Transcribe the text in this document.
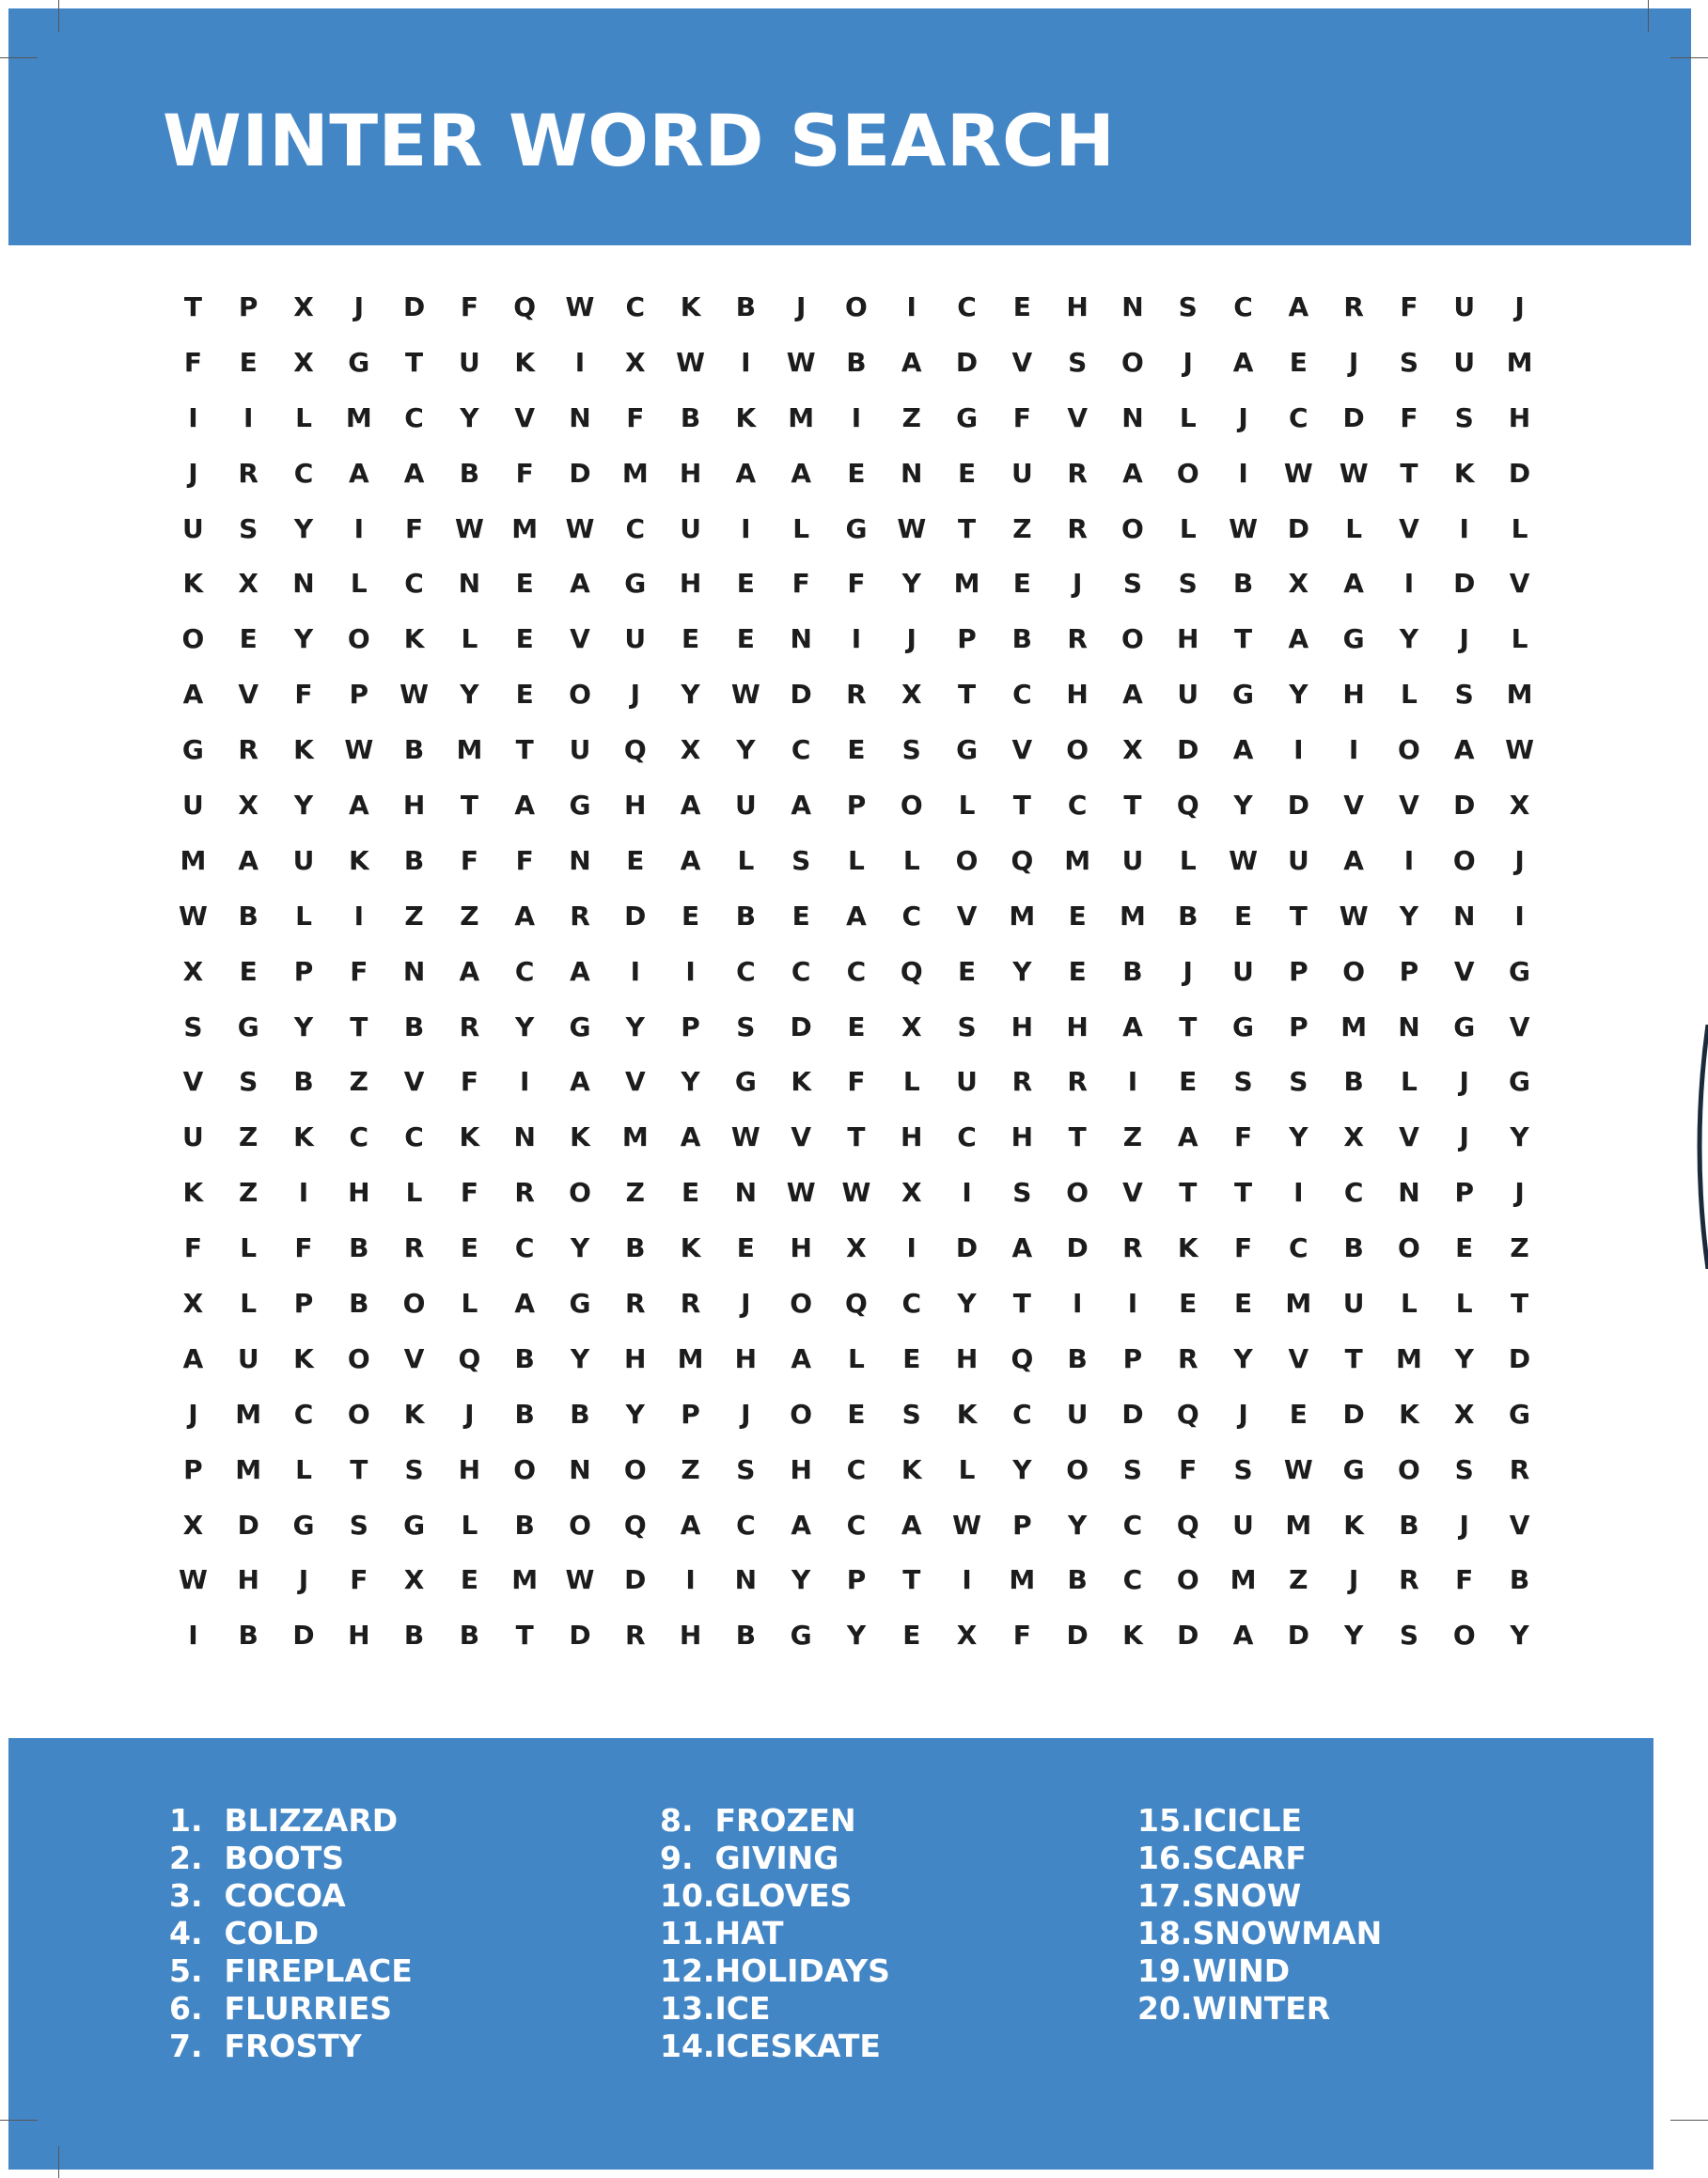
WINTER WORD SEARCH
T	P	X	J	D	F	Q	W	C	K	B	J	O	I	C	E	H	N	S	C	A	R	F	U	J
F	E	X	G	T	U	K	I	X	W	I	W	B	A	D	V	S	O	J	A	E	J	S	U	M
I	I	L	M	C	Y	V	N	F	B	K	M	I	Z	G	F	V	N	L	J	C	D	F	S	H
J	R	C	A	A	B	F	D	M	H	A	A	E	N	E	U	R	A	O	I	W W	T	K	D
U	S	Y	I	F	W	M	W	C	U	I	L	G	W	T	Z	R	O	L	W	D	L	V	I	L
K	X	N	L	C	N	E	A	G	H	E	F	F	Y	M	E	J	S	S	B	X	A	I	D	V
O	E	Y	O	K	L	E	V	U	E	E	N	I	J	P	B	R	O	H	T	A	G	Y	J	L
A	V	F	P	W	Y	E	O	J	Y	W	D	R	X	T	C	H	A	U	G	Y	H	L	S	M
G	R	K	W	B	M	T	U	Q	X	Y	C	E	S	G	V	O	X	D	A	I	I	O	A	W
U	X	Y	A	H	T	A	G	H	A	U	A	P	O	L	T	C	T	Q	Y	D	V	V	D	X
M	A	U	K	B	F	F	N	E	A	L	S	L	L	O	Q	M	U	L	W	U	A	I	O	J
W	B	L	I	Z	Z	A	R	D	E	B	E	A	C	V	M	E	M	B	E	T	W	Y	N	I
X	E	P	F	N	A	C	A	I	I	C	C	C	Q	E	Y	E	B	J	U	P	O	P	V	G
S	G	Y	T	B	R	Y	G	Y	P	S	D	E	X	S	H	H	A	T	G	P	M	N	G	V
V	S	B	Z	V	F	I	A	V	Y	G	K	F	L	U	R	R	I	E	S	S	B	L	J	G
U	Z	K	C	C	K	N	K	M	A	W	V	T	H	C	H	T	Z	A	F	Y	X	V	J	Y
K	Z	I	H	L	F	R	O	Z	E	N	W W	X	I	S	O	V	T	T	I	C	N	P	J
F	L	F	B	R	E	C	Y	B	K	E	H	X	I	D	A	D	R	K	F	C	B	O	E	Z
X	L	P	B	O	L	A	G	R	R	J	O	Q	C	Y	T	I	I	E	E	M	U	L	L	T
A	U	K	O	V	Q	B	Y	H	M	H	A	L	E	H	Q	B	P	R	Y	V	T	M	Y	D
J	M	C	O	K	J	B	B	Y	P	J	O	E	S	K	C	U	D	Q	J	E	D	K	X	G
P	M	L	T	S	H	O	N	O	Z	S	H	C	K	L	Y	O	S	F	S	W	G	O	S	R
X	D	G	S	G	L	B	O	Q	A	C	A	C	A	W	P	Y	C	Q	U	M	K	B	J	V
W	H	J	F	X	E	M	W	D	I	N	Y	P	T	I	M	B	C	O	M	Z	J	R	F	B
I	B	D	H	B	B	T	D	R	H	B	G	Y	E	X	F	D	K	D	A	D	Y	S	O	Y
1.  BLIZZARD
2.  BOOTS
3.  COCOA
4.  COLD
5.  FIREPLACE
6.  FLURRIES
7.  FROSTY
8.  FROZEN
9.  GIVING
10.GLOVES
11.HAT
12.HOLIDAYS
13.ICE
14.ICESKATE
15.ICICLE
16.SCARF
17.SNOW
18.SNOWMAN
19.WIND
20.WINTER
